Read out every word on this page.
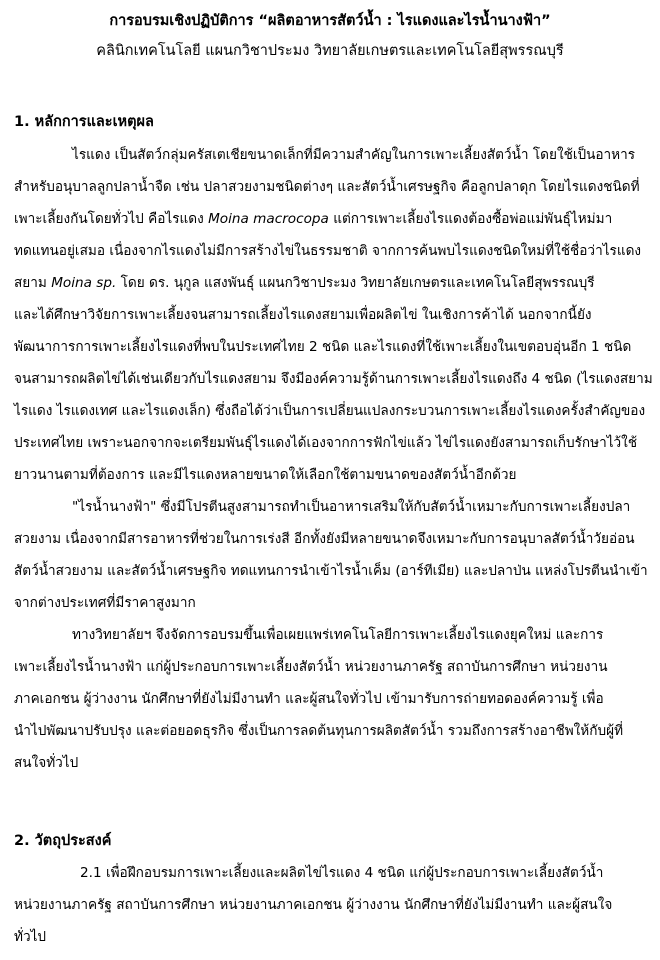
การอบรมเชิงปฏิบัติการ “ผลิตอาหารสัตว์น้ำ : ไรแดงและไรน้ำนางฟ้า”
คลินิกเทคโนโลยี แผนกวิชาประมง วิทยาลัยเกษตรและเทคโนโลยีสุพรรณบุรี
1. หลักการและเหตุผล
ไรแดง เป็นสัตว์กลุ่มครัสเตเชียขนาดเล็กที่มีความสำคัญในการเพาะเลี้ยงสัตว์น้ำ โดยใช้เป็นอาหาร
สำหรับอนุบาลลูกปลาน้ำจืด เช่น ปลาสวยงามชนิดต่างๆ และสัตว์น้ำเศรษฐกิจ คือลูกปลาดุก โดยไรแดงชนิดที่
เพาะเลี้ยงกันโดยทั่วไป คือไรแดง Moina macrocopa แต่การเพาะเลี้ยงไรแดงต้องซื้อพ่อแม่พันธุ์ไหม่มา
ทดแทนอยู่เสมอ เนื่องจากไรแดงไม่มีการสร้างไข่ในธรรมชาติ จากการค้นพบไรแดงชนิดใหม่ที่ใช้ชื่อว่าไรแดง
สยาม Moina sp. โดย ดร. นุกูล แสงพันธุ์ แผนกวิชาประมง วิทยาลัยเกษตรและเทคโนโลยีสุพรรณบุรี
และได้ศึกษาวิจัยการเพาะเลี้ยงจนสามารถเลี้ยงไรแดงสยามเพื่อผลิตไข่ ในเชิงการค้าได้ นอกจากนี้ยัง
พัฒนาการการเพาะเลี้ยงไรแดงที่พบในประเทศไทย 2 ชนิด และไรแดงที่ใช้เพาะเลี้ยงในเขตอบอุ่นอีก 1 ชนิด
จนสามารถผลิตไข่ได้เช่นเดียวกับไรแดงสยาม จึงมีองค์ความรู้ด้านการเพาะเลี้ยงไรแดงถึง 4 ชนิด (ไรแดงสยาม
ไรแดง ไรแดงเทศ และไรแดงเล็ก) ซึ่งถือได้ว่าเป็นการเปลี่ยนแปลงกระบวนการเพาะเลี้ยงไรแดงครั้งสำคัญของ
ประเทศไทย เพราะนอกจากจะเตรียมพันธุ์ไรแดงได้เองจากการฟักไข่แล้ว ไข่ไรแดงยังสามารถเก็บรักษาไว้ใช้
ยาวนานตามที่ต้องการ และมีไรแดงหลายขนาดให้เลือกใช้ตามขนาดของสัตว์น้ำอีกด้วย
"ไรน้ำนางฟ้า" ซึ่งมีโปรตีนสูงสามารถทำเป็นอาหารเสริมให้กับสัตว์น้ำเหมาะกับการเพาะเลี้ยงปลา
สวยงาม เนื่องจากมีสารอาหารที่ช่วยในการเร่งสี อีกทั้งยังมีหลายขนาดจึงเหมาะกับการอนุบาลสัตว์น้ำวัยอ่อน
สัตว์น้ำสวยงาม และสัตว์น้ำเศรษฐกิจ ทดแทนการนำเข้าไรน้ำเค็ม (อาร์ทีเมีย) และปลาป่น แหล่งโปรตีนนำเข้า
จากต่างประเทศที่มีราคาสูงมาก
ทางวิทยาลัยฯ จึงจัดการอบรมขึ้นเพื่อเผยแพร่เทคโนโลยีการเพาะเลี้ยงไรแดงยุคใหม่ และการ
เพาะเลี้ยงไรน้ำนางฟ้า แก่ผู้ประกอบการเพาะเลี้ยงสัตว์น้ำ หน่วยงานภาครัฐ สถาบันการศึกษา หน่วยงาน
ภาคเอกชน ผู้ว่างงาน นักศึกษาที่ยังไม่มีงานทำ และผู้สนใจทั่วไป เข้ามารับการถ่ายทอดองค์ความรู้ เพื่อ
นำไปพัฒนาปรับปรุง และต่อยอดธุรกิจ ซึ่งเป็นการลดต้นทุนการผลิตสัตว์น้ำ รวมถึงการสร้างอาชีพให้กับผู้ที่
สนใจทั่วไป
2. วัตถุประสงค์
2.1 เพื่อฝึกอบรมการเพาะเลี้ยงและผลิตไข่ไรแดง 4 ชนิด แก่ผู้ประกอบการเพาะเลี้ยงสัตว์น้ำ
หน่วยงานภาครัฐ สถาบันการศึกษา หน่วยงานภาคเอกชน ผู้ว่างงาน นักศึกษาที่ยังไม่มีงานทำ และผู้สนใจ
ทั่วไป
